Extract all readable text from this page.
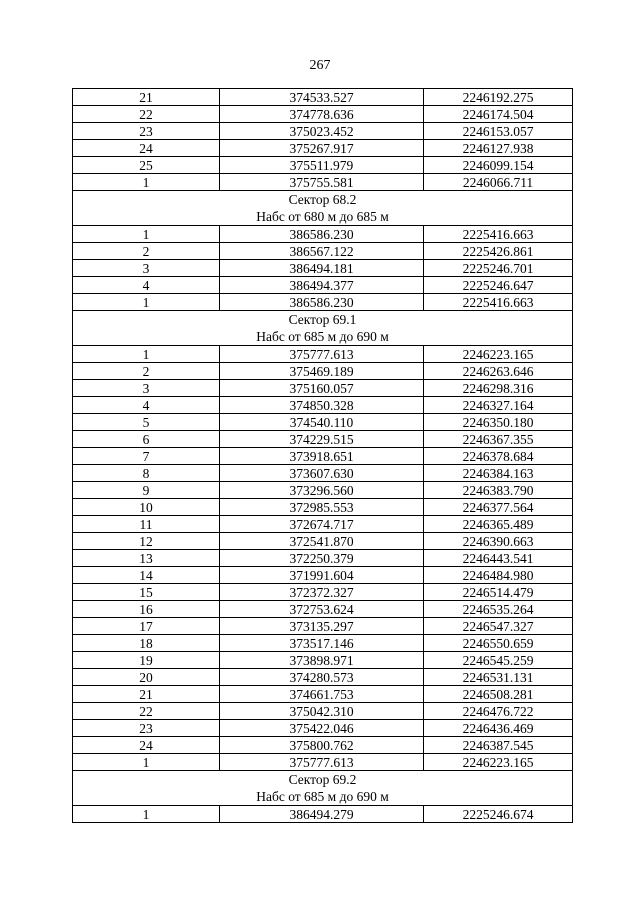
267
21	374533.527	2246192.275
22	374778.636	2246174.504
23	375023.452	2246153.057
24	375267.917	2246127.938
25	375511.979	2246099.154
1	375755.581	2246066.711

Сектор 68.2
Набс от 680 м до 685 м		

1	386586.230	2225416.663
2	386567.122	2225426.861
3	386494.181	2225246.701
4	386494.377	2225246.647
1	386586.230	2225416.663

Сектор 69.1
Набс от 685 м до 690 м		

1	375777.613	2246223.165
2	375469.189	2246263.646
3	375160.057	2246298.316
4	374850.328	2246327.164
5	374540.110	2246350.180
6	374229.515	2246367.355
7	373918.651	2246378.684
8	373607.630	2246384.163
9	373296.560	2246383.790
10	372985.553	2246377.564
11	372674.717	2246365.489
12	372541.870	2246390.663
13	372250.379	2246443.541
14	371991.604	2246484.980
15	372372.327	2246514.479
16	372753.624	2246535.264
17	373135.297	2246547.327
18	373517.146	2246550.659
19	373898.971	2246545.259
20	374280.573	2246531.131
21	374661.753	2246508.281
22	375042.310	2246476.722
23	375422.046	2246436.469
24	375800.762	2246387.545
1	375777.613	2246223.165

Сектор 69.2
Набс от 685 м до 690 м		

1	386494.279	2225246.674
